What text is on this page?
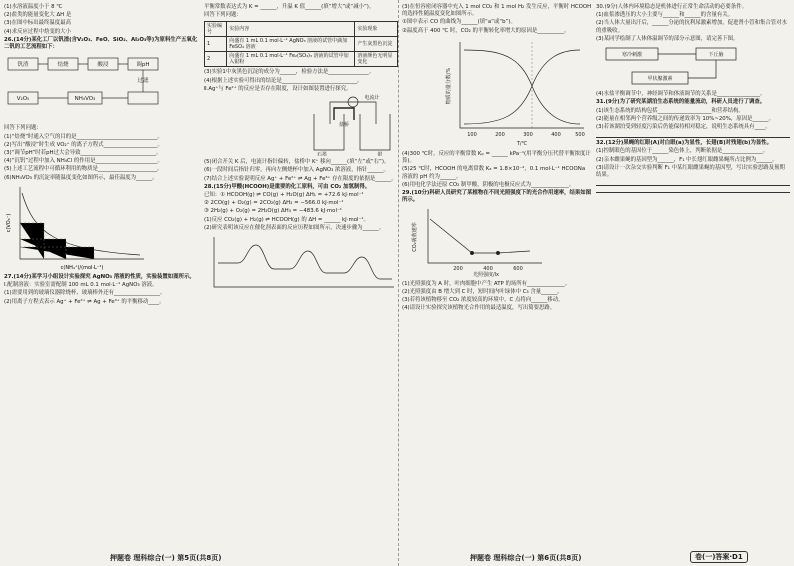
(1)水溶液温度小于 8 ℃

(2)盐类的能量变化大 ΔH 是

(3)在图中标出最终温度最高

(4)求反应过程中焓变的大小

26.(14分)某化工厂以钒渣(含V₂O₃、FeO、SiO₂、Al₂O₃等)为原料生产五氧化二钒的工艺流程如下：

钒渣	焙烧	酸浸	调pH
过滤
NH₄VO₃
V₂O₅

回答下列问题：

(1)“焙烧”时通入空气的目的是______________________________。

(2)写出“酸浸”时生成 VO₂⁺ 的离子方程式____________________。

(3)“调节pH”时若pH过大会导致____________________________。

(4)“沉钒”过程中加入 NH₄Cl 的作用是_______________________。

(5)上述工艺流程中可循环利用的物质是______________________。

(6)NH₄VO₃ 的沉淀率随温度变化如图所示，最佳温度为______。

c(NH₄⁺)/(mol·L⁻¹)
c(VO₃⁻)

27.(14分)某学习小组设计实验探究 AgNO₃ 溶液的性质，实验装置如图所示。

Ⅰ.配制溶液：实验室需配制 100 mL 0.1 mol·L⁻¹ AgNO₃ 溶液。

(1)需要用到的玻璃仪器除烧杯、玻璃棒外还有_________________。

(2)用离子方程式表示 Ag⁺ + Fe²⁺ ⇌ Ag + Fe³⁺ 的平衡移动____。

平衡常数表达式为 K = ______，升温 K 值______(填“增大”或“减小”)。

回答下列问题：

实验编号	实验内容	实验现象
1	向盛有 1 mL 0.1 mol·L⁻¹ AgNO₃ 溶液的试管中滴加 FeSO₄ 溶液	产生灰黑色沉淀
2	向盛有 1 mL 0.1 mol·L⁻¹ Fe₂(SO₄)₃ 溶液的试管中加入银粉	溶液颜色无明显变化

(3)实验1中灰黑色沉淀的成分为______，检验方法是_______________。

(4)根据上述实验可得出的结论是____________________________。

Ⅱ.Ag⁺与 Fe²⁺ 的反应是否存在限度，设计如图装置进行探究。

盐桥
石墨	银
电流计

(5)闭合开关 K 后，电流计指针偏转，盐桥中 K⁺ 移向______(填“左”或“右”)。

(6)一段时间后指针归零，再向左侧烧杯中加入 AgNO₃ 浓溶液，指针______。

(7)结合上述实验说明反应 Ag⁺ + Fe²⁺ ⇌ Ag + Fe³⁺ 存在限度的依据是______。

28.(15分)甲酸(HCOOH)是重要的化工原料，可由 CO₂ 加氢制得。

已知：① HCOOH(g) ⇌ CO(g) + H₂O(g) ΔH₁ = +72.6 kJ·mol⁻¹

② 2CO(g) + O₂(g) = 2CO₂(g) ΔH₂ = −566.0 kJ·mol⁻¹

③ 2H₂(g) + O₂(g) = 2H₂O(g) ΔH₃ = −483.6 kJ·mol⁻¹

(1)反应 CO₂(g) + H₂(g) ⇌ HCOOH(g) 的 ΔH = ______ kJ·mol⁻¹。

(2)研究表明该反应在催化剂表面的反应历程如图所示，决速步骤为______。

(3)在恒容密闭容器中充入 1 mol CO₂ 和 1 mol H₂ 发生反应，平衡时 HCOOH 的选择性随温度变化如图所示。

①图中表示 CO 的曲线为______(填“a”或“b”)。

②温度高于 400 ℃ 时，CO₂ 的平衡转化率增大的原因是__________。

100	200	300	400	500
T/℃
物质的量分数/%

(4)300 ℃时，反应的平衡常数 Kₚ = ______ kPa⁻¹(用平衡分压代替平衡浓度计算)。

(5)25 ℃时，HCOOH 的电离常数 Kₐ = 1.8×10⁻⁴，0.1 mol·L⁻¹ HCOONa 溶液的 pH 约为______。

(6)用电化学法还原 CO₂ 制甲酸，阴极的电极反应式为______________。

29.(10分)科研人员研究了某植物在不同光照强度下的光合作用速率，结果如图所示。

200	400	600
光照强度/lx
CO₂吸收速率

(1)光照强度为 A 时，叶肉细胞中产生 ATP 的场所有______________。

(2)光照强度由 B 增大到 C 时，短时间内叶绿体中 C₃ 含量______。

(3)若将该植物移至 CO₂ 浓度较高的环境中，C 点将向______移动。

(4)请设计实验探究该植物光合作用的最适温度，写出简要思路。

30.(9分)人体内环境稳态是机体进行正常生命活动的必要条件。

(1)血浆渗透压的大小主要与______和______的含量有关。

(2)当人体大量出汗后，______分泌的抗利尿激素增加，促进肾小管和集合管对水的重吸收。

(3)某同学绘制了人体体温调节的部分示意图，请完善下图。

寒冷刺激	下丘脑
甲状腺激素

(4)水盐平衡调节中，神经调节和体液调节的关系是________________。

31.(9分)为了研究某湖泊生态系统的能量流动，科研人员进行了调查。

(1)该生态系统的结构包括____________________和营养结构。

(2)能量在相邻两个营养级之间的传递效率为 10%~20%，原因是______。

(3)若该湖泊受到轻度污染后仍能保持相对稳定，说明生态系统具有____。

32.(12分)果蝇的红眼(A)对白眼(a)为显性，长翅(B)对残翅(b)为显性。

(1)控制眼色的基因位于______染色体上，判断依据是_______________。

(2)亲本雌果蝇的基因型为______，F₁ 中长翅红眼雌果蝇所占比例为______。

(3)请设计一次杂交实验判断 F₁ 中某红眼雌果蝇的基因型，写出实验思路及预期结果。

押题卷 理科综合(一) 第5页(共8页)	押题卷 理科综合(一) 第6页(共8页)	卷(一)答案·D1
